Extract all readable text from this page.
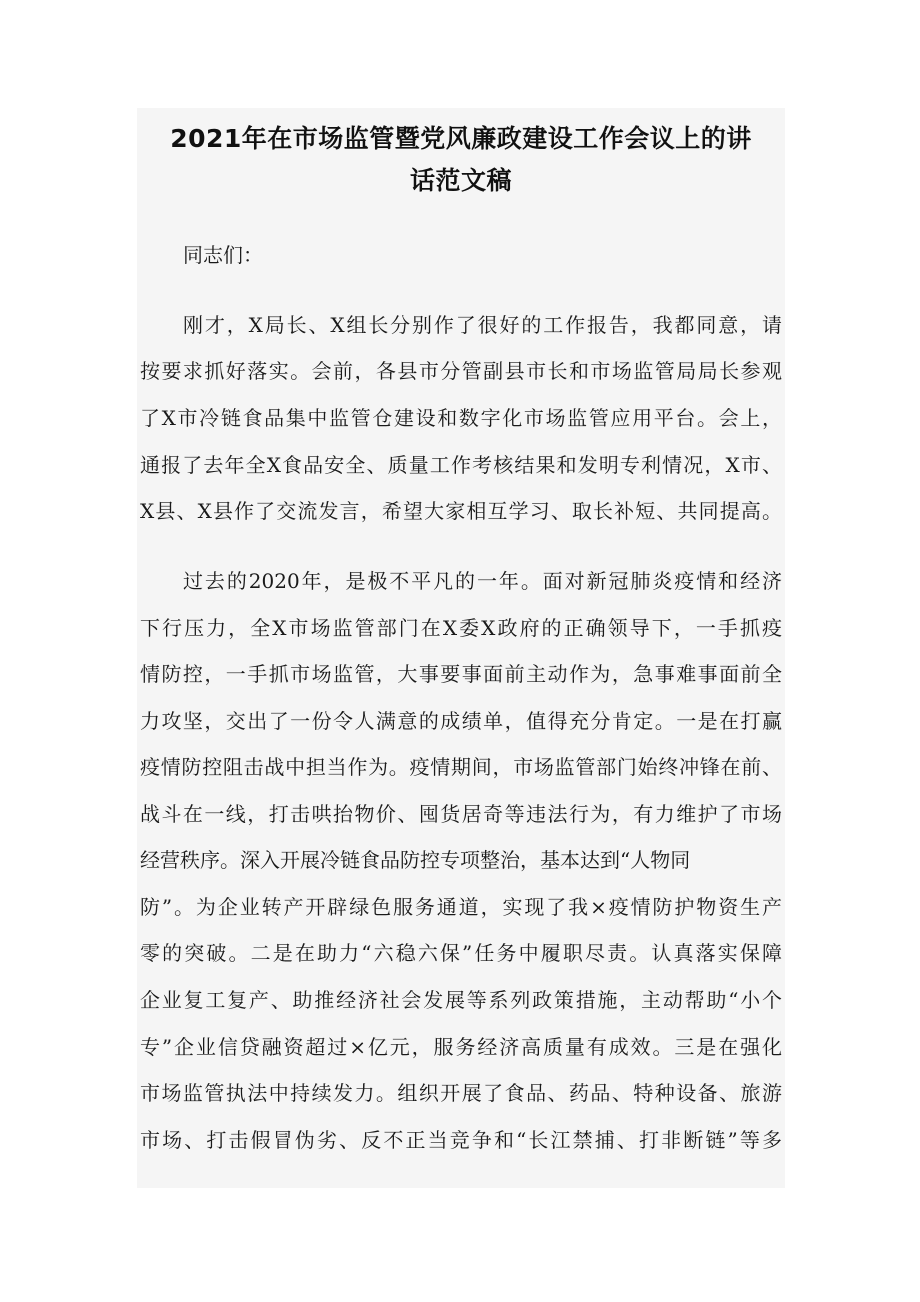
2021年在市场监管暨党风廉政建设工作会议上的讲
话范文稿
同志们：
刚才，X局长、X组长分别作了很好的工作报告，我都同意，请
按要求抓好落实。会前，各县市分管副县市长和市场监管局局长参观
了X市冷链食品集中监管仓建设和数字化市场监管应用平台。会上，
通报了去年全X食品安全、质量工作考核结果和发明专利情况，X市、
X县、X县作了交流发言，希望大家相互学习、取长补短、共同提高。
过去的2020年，是极不平凡的一年。面对新冠肺炎疫情和经济
下行压力，全X市场监管部门在X委X政府的正确领导下，一手抓疫
情防控，一手抓市场监管，大事要事面前主动作为，急事难事面前全
力攻坚，交出了一份令人满意的成绩单，值得充分肯定。一是在打赢
疫情防控阻击战中担当作为。疫情期间，市场监管部门始终冲锋在前、
战斗在一线，打击哄抬物价、囤货居奇等违法行为，有力维护了市场
经营秩序。深入开展冷链食品防控专项整治，基本达到“人物同
防”。为企业转产开辟绿色服务通道，实现了我×疫情防护物资生产
零的突破。二是在助力“六稳六保”任务中履职尽责。认真落实保障
企业复工复产、助推经济社会发展等系列政策措施，主动帮助“小个
专”企业信贷融资超过×亿元，服务经济高质量有成效。三是在强化
市场监管执法中持续发力。组织开展了食品、药品、特种设备、旅游
市场、打击假冒伪劣、反不正当竞争和“长江禁捕、打非断链”等多
